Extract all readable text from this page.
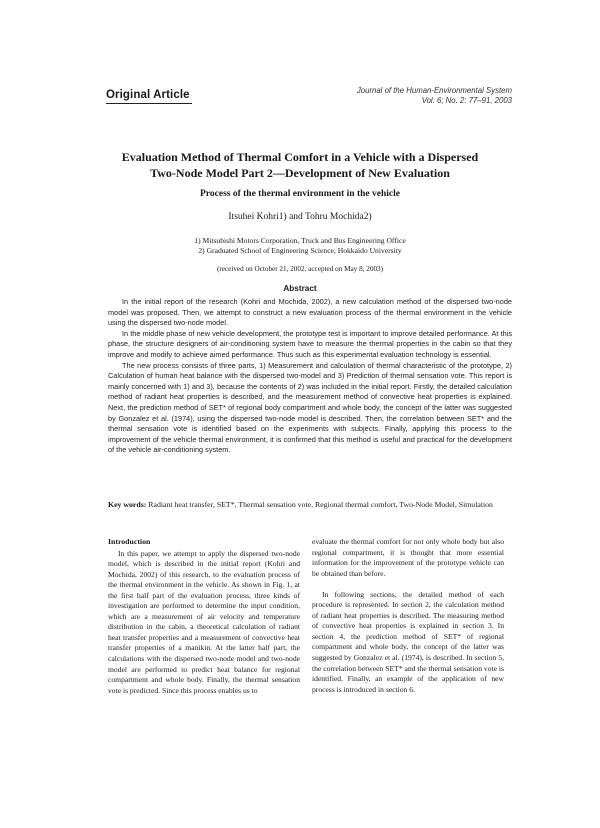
Original Article	Journal of the Human-Environmental System
Vol. 6; No. 2: 77–91, 2003
Evaluation Method of Thermal Comfort in a Vehicle with a Dispersed
Two-Node Model Part 2—Development of New Evaluation
Process of the thermal environment in the vehicle
Itsuhei Kohri1) and Tohru Mochida2)
1) Mitsubishi Motors Corporation, Truck and Bus Engineering Office
2) Graduated School of Engineering Science, Hokkaido University
(received on October 21, 2002, accepted on May 8, 2003)
Abstract

In the initial report of the research (Kohri and Mochida, 2002), a new calculation method of the dispersed two-node model was proposed. Then, we attempt to construct a new evaluation process of the thermal environment in the vehicle using the dispersed two-node model.

In the middle phase of new vehicle development, the prototype test is important to improve detailed performance. At this phase, the structure designers of air-conditioning system have to measure the thermal properties in the cabin so that they improve and modify to achieve aimed performance. Thus such as this experimental evaluation technology is essential.

The new process consists of three parts, 1) Measurement and calculation of thermal characteristic of the prototype, 2) Calculation of human heat balance with the dispersed two-model and 3) Prediction of thermal sensation vote. This report is mainly concerned with 1) and 3), because the contents of 2) was included in the initial report. Firstly, the detailed calculation method of radiant heat properties is described, and the measurement method of convective heat properties is explained. Next, the prediction method of SET* of regional body compartment and whole body, the concept of the latter was suggested by Gonzalez et al. (1974), using the dispersed two-node model is described. Then, the correlation between SET* and the thermal sensation vote is identified based on the experiments with subjects. Finally, applying this process to the improvement of the vehicle thermal environment, it is confirmed that this method is useful and practical for the development of the vehicle air-conditioning system.

Key words: Radiant heat transfer, SET*, Thermal sensation vote, Regional thermal comfort, Two-Node Model, Simulation
Introduction

In this paper, we attempt to apply the dispersed two-node model, which is described in the initial report (Kohri and Mochida, 2002) of this research, to the evaluation process of the thermal environment in the vehicle. As shown in Fig. 1, at the first half part of the evaluation process, three kinds of investigation are performed to determine the input condition, which are a measurement of air velocity and temperature distribution in the cabin, a theoretical calculation of radiant heat transfer properties and a measurement of convective heat transfer properties of a manikin. At the latter half part, the calculations with the dispersed two-node model and two-node model are performed to predict heat balance for regional compartment and whole body. Finally, the thermal sensation vote is predicted. Since this process enables us to

evaluate the thermal comfort for not only whole body but also regional compartment, it is thought that more essential information for the improvement of the prototype vehicle can be obtained than before.

In following sections, the detailed method of each procedure is represented. In section 2, the calculation method of radiant heat properties is described. The measuring method of convective heat properties is explained in section 3. In section 4, the prediction method of SET* of regional compartment and whole body, the concept of the latter was suggested by Gonzalez et al. (1974), is described. In section 5, the correlation between SET* and the thermal sensation vote is identified. Finally, an example of the application of new process is introduced in section 6.
